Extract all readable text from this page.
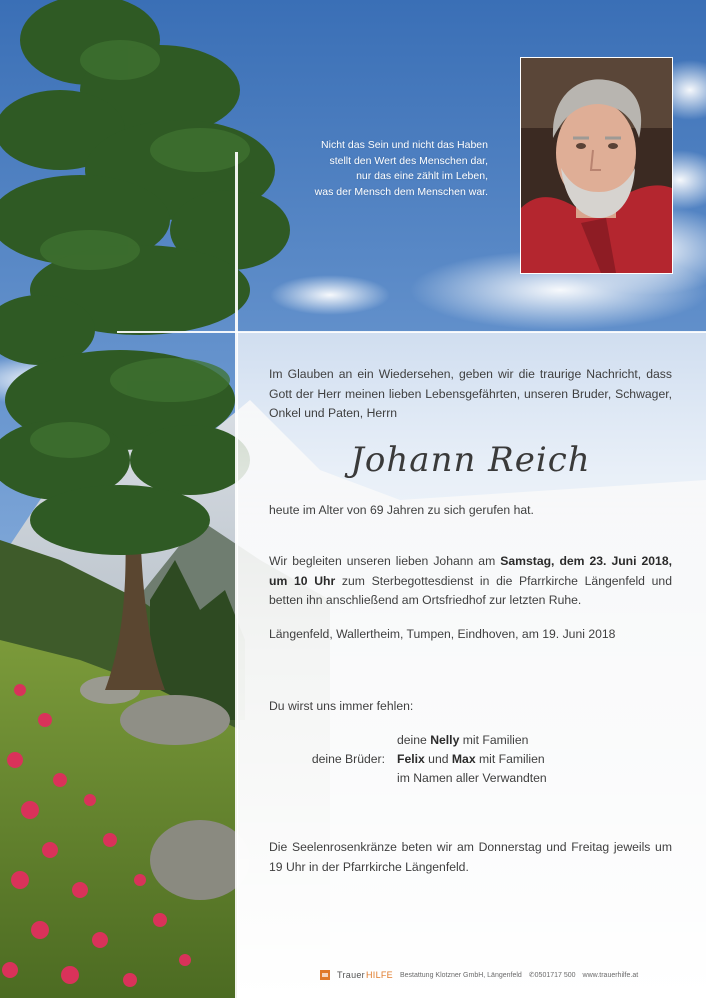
Nicht das Sein und nicht das Haben
stellt den Wert des Menschen dar,
nur das eine zählt im Leben,
was der Mensch dem Menschen war.
Im Glauben an ein Wiedersehen, geben wir die traurige Nachricht, dass Gott der Herr meinen lieben Lebensgefährten, unseren Bruder, Schwager, Onkel und Paten, Herrn
Johann Reich
heute im Alter von 69 Jahren zu sich gerufen hat.
Wir begleiten unseren lieben Johann am Samstag, dem 23. Juni 2018, um 10 Uhr zum Sterbegottesdienst in die Pfarrkirche Längenfeld und betten ihn anschließend am Ortsfriedhof zur letzten Ruhe.
Längenfeld, Wallertheim, Tumpen, Eindhoven, am 19. Juni 2018
Du wirst uns immer fehlen:
deine Nelly mit Familien
deine Brüder: Felix und Max mit Familien
im Namen aller Verwandten
Die Seelenrosenkränze beten wir am Donnerstag und Freitag jeweils um 19 Uhr in der Pfarrkirche Längenfeld.
Trauer HILFE Bestattung Klotzner GmbH, Längenfeld ✆0501717 500 www.trauerhilfe.at
